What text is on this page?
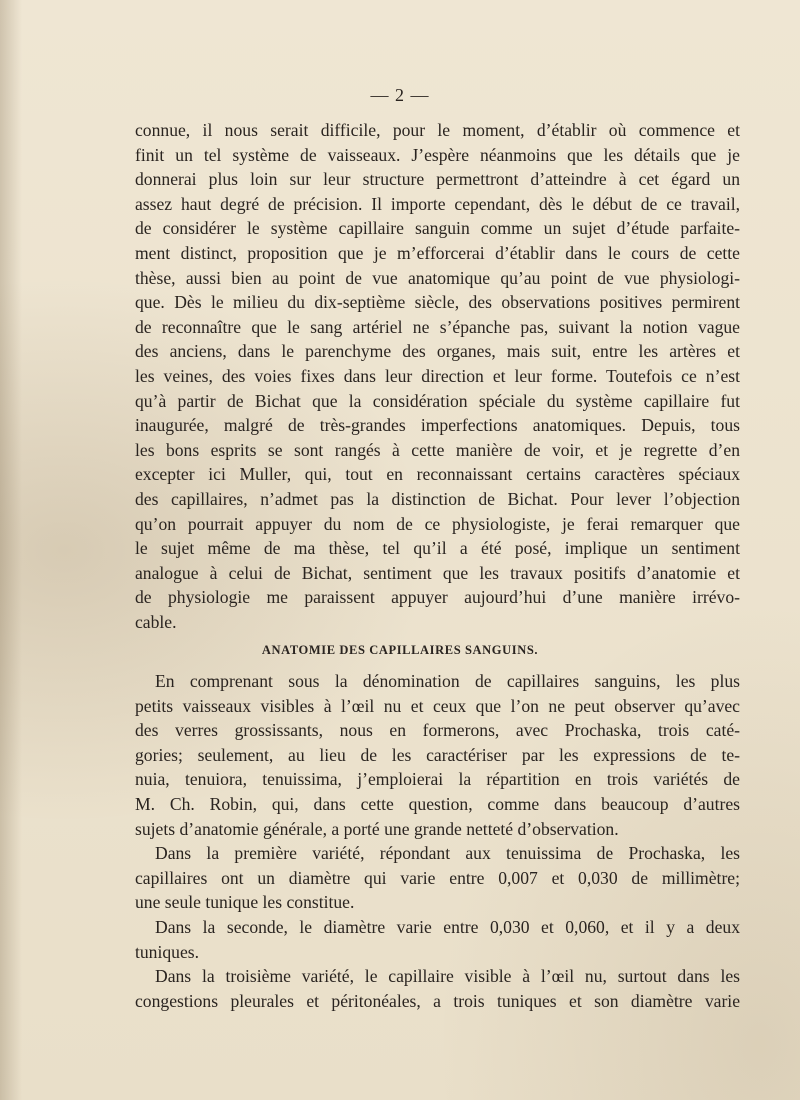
— 2 —
connue, il nous serait difficile, pour le moment, d’établir où commence et
finit un tel système de vaisseaux. J’espère néanmoins que les détails que je
donnerai plus loin sur leur structure permettront d’atteindre à cet égard un
assez haut degré de précision. Il importe cependant, dès le début de ce travail,
de considérer le système capillaire sanguin comme un sujet d’étude parfaite-
ment distinct, proposition que je m’efforcerai d’établir dans le cours de cette
thèse, aussi bien au point de vue anatomique qu’au point de vue physiologi-
que. Dès le milieu du dix-septième siècle, des observations positives permirent
de reconnaître que le sang artériel ne s’épanche pas, suivant la notion vague
des anciens, dans le parenchyme des organes, mais suit, entre les artères et
les veines, des voies fixes dans leur direction et leur forme. Toutefois ce n’est
qu’à partir de Bichat que la considération spéciale du système capillaire fut
inaugurée, malgré de très-grandes imperfections anatomiques. Depuis, tous
les bons esprits se sont rangés à cette manière de voir, et je regrette d’en
excepter ici Muller, qui, tout en reconnaissant certains caractères spéciaux
des capillaires, n’admet pas la distinction de Bichat. Pour lever l’objection
qu’on pourrait appuyer du nom de ce physiologiste, je ferai remarquer que
le sujet même de ma thèse, tel qu’il a été posé, implique un sentiment
analogue à celui de Bichat, sentiment que les travaux positifs d’anatomie et
de physiologie me paraissent appuyer aujourd’hui d’une manière irrévo-
cable.
ANATOMIE DES CAPILLAIRES SANGUINS.
En comprenant sous la dénomination de capillaires sanguins, les plus
petits vaisseaux visibles à l’œil nu et ceux que l’on ne peut observer qu’avec
des verres grossissants, nous en formerons, avec Prochaska, trois caté-
gories; seulement, au lieu de les caractériser par les expressions de te-
nuia, tenuiora, tenuissima, j’emploierai la répartition en trois variétés de
M. Ch. Robin, qui, dans cette question, comme dans beaucoup d’autres
sujets d’anatomie générale, a porté une grande netteté d’observation.
Dans la première variété, répondant aux tenuissima de Prochaska, les
capillaires ont un diamètre qui varie entre 0,007 et 0,030 de millimètre;
une seule tunique les constitue.
Dans la seconde, le diamètre varie entre 0,030 et 0,060, et il y a deux
tuniques.
Dans la troisième variété, le capillaire visible à l’œil nu, surtout dans les
congestions pleurales et péritonéales, a trois tuniques et son diamètre varie
